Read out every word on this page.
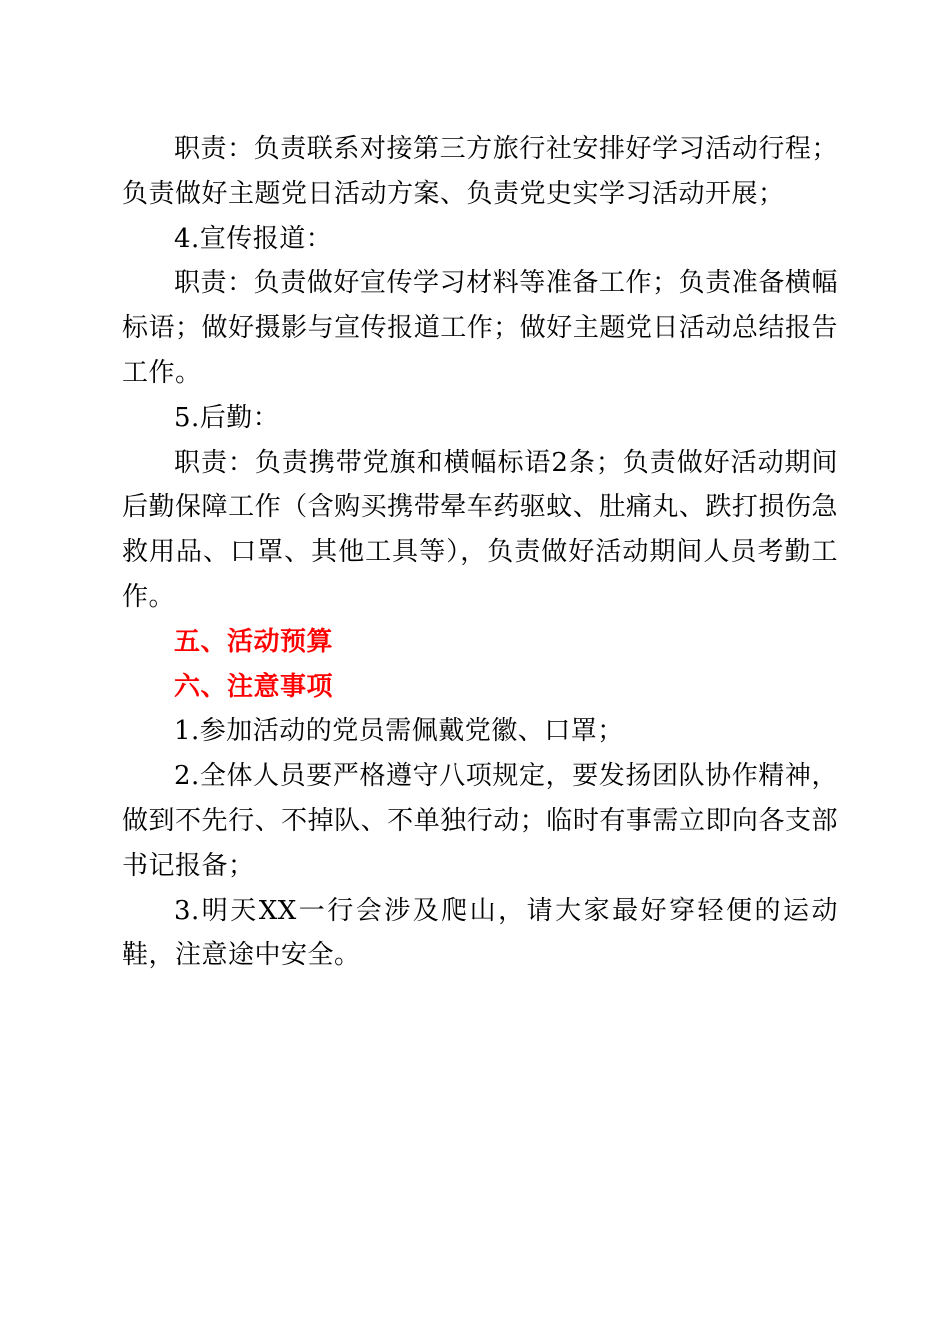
职责：负责联系对接第三方旅行社安排好学习活动行程；负责做好主题党日活动方案、负责党史实学习活动开展；

4.宣传报道：

职责：负责做好宣传学习材料等准备工作；负责准备横幅标语；做好摄影与宣传报道工作；做好主题党日活动总结报告工作。

5.后勤：

职责：负责携带党旗和横幅标语2条；负责做好活动期间后勤保障工作（含购买携带晕车药驱蚊、肚痛丸、跌打损伤急救用品、口罩、其他工具等），负责做好活动期间人员考勤工作。

五、活动预算

六、注意事项

1.参加活动的党员需佩戴党徽、口罩；

2.全体人员要严格遵守八项规定，要发扬团队协作精神，做到不先行、不掉队、不单独行动；临时有事需立即向各支部书记报备；

3.明天XX一行会涉及爬山，请大家最好穿轻便的运动鞋，注意途中安全。
